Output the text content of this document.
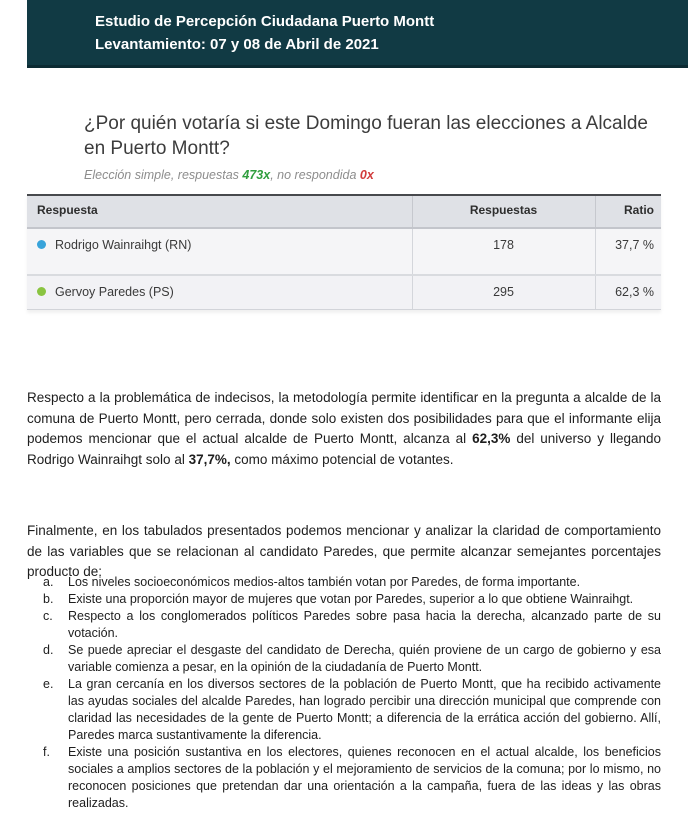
Estudio de Percepción Ciudadana Puerto Montt
Levantamiento: 07 y 08 de Abril de 2021
¿Por quién votaría si este Domingo fueran las elecciones a Alcalde en Puerto Montt?

Elección simple, respuestas 473x, no respondida 0x

Respuesta	Respuestas	Ratio
Rodrigo Wainraihgt (RN)	178	37,7 %
Gervoy Paredes (PS)	295	62,3 %

Respecto a la problemática de indecisos, la metodología permite identificar en la pregunta a alcalde de la comuna de Puerto Montt, pero cerrada, donde solo existen dos posibilidades para que el informante elija podemos mencionar que el actual alcalde de Puerto Montt, alcanza al 62,3% del universo y llegando Rodrigo Wainraihgt solo al 37,7%, como máximo potencial de votantes.

Finalmente, en los tabulados presentados podemos mencionar y analizar la claridad de comportamiento de las variables que se relacionan al candidato Paredes, que permite alcanzar semejantes porcentajes producto de:

a.	Los niveles socioeconómicos medios-altos también votan por Paredes, de forma importante.
b.	Existe una proporción mayor de mujeres que votan por Paredes, superior a lo que obtiene Wainraihgt.
c.	Respecto a los conglomerados políticos Paredes sobre pasa hacia la derecha, alcanzado parte de su votación.
d.	Se puede apreciar el desgaste del candidato de Derecha, quién proviene de un cargo de gobierno y esa variable comienza a pesar, en la opinión de la ciudadanía de Puerto Montt.
e.	La gran cercanía en los diversos sectores de la población de Puerto Montt, que ha recibido activamente las ayudas sociales del alcalde Paredes, han logrado percibir una dirección municipal que comprende con claridad las necesidades de la gente de Puerto Montt; a diferencia de la errática acción del gobierno. Allí, Paredes marca sustantivamente la diferencia.
f.	Existe una posición sustantiva en los electores, quienes reconocen en el actual alcalde, los beneficios sociales a amplios sectores de la población y el mejoramiento de servicios de la comuna; por lo mismo, no reconocen posiciones que pretendan dar una orientación a la campaña, fuera de las ideas y las obras realizadas.
